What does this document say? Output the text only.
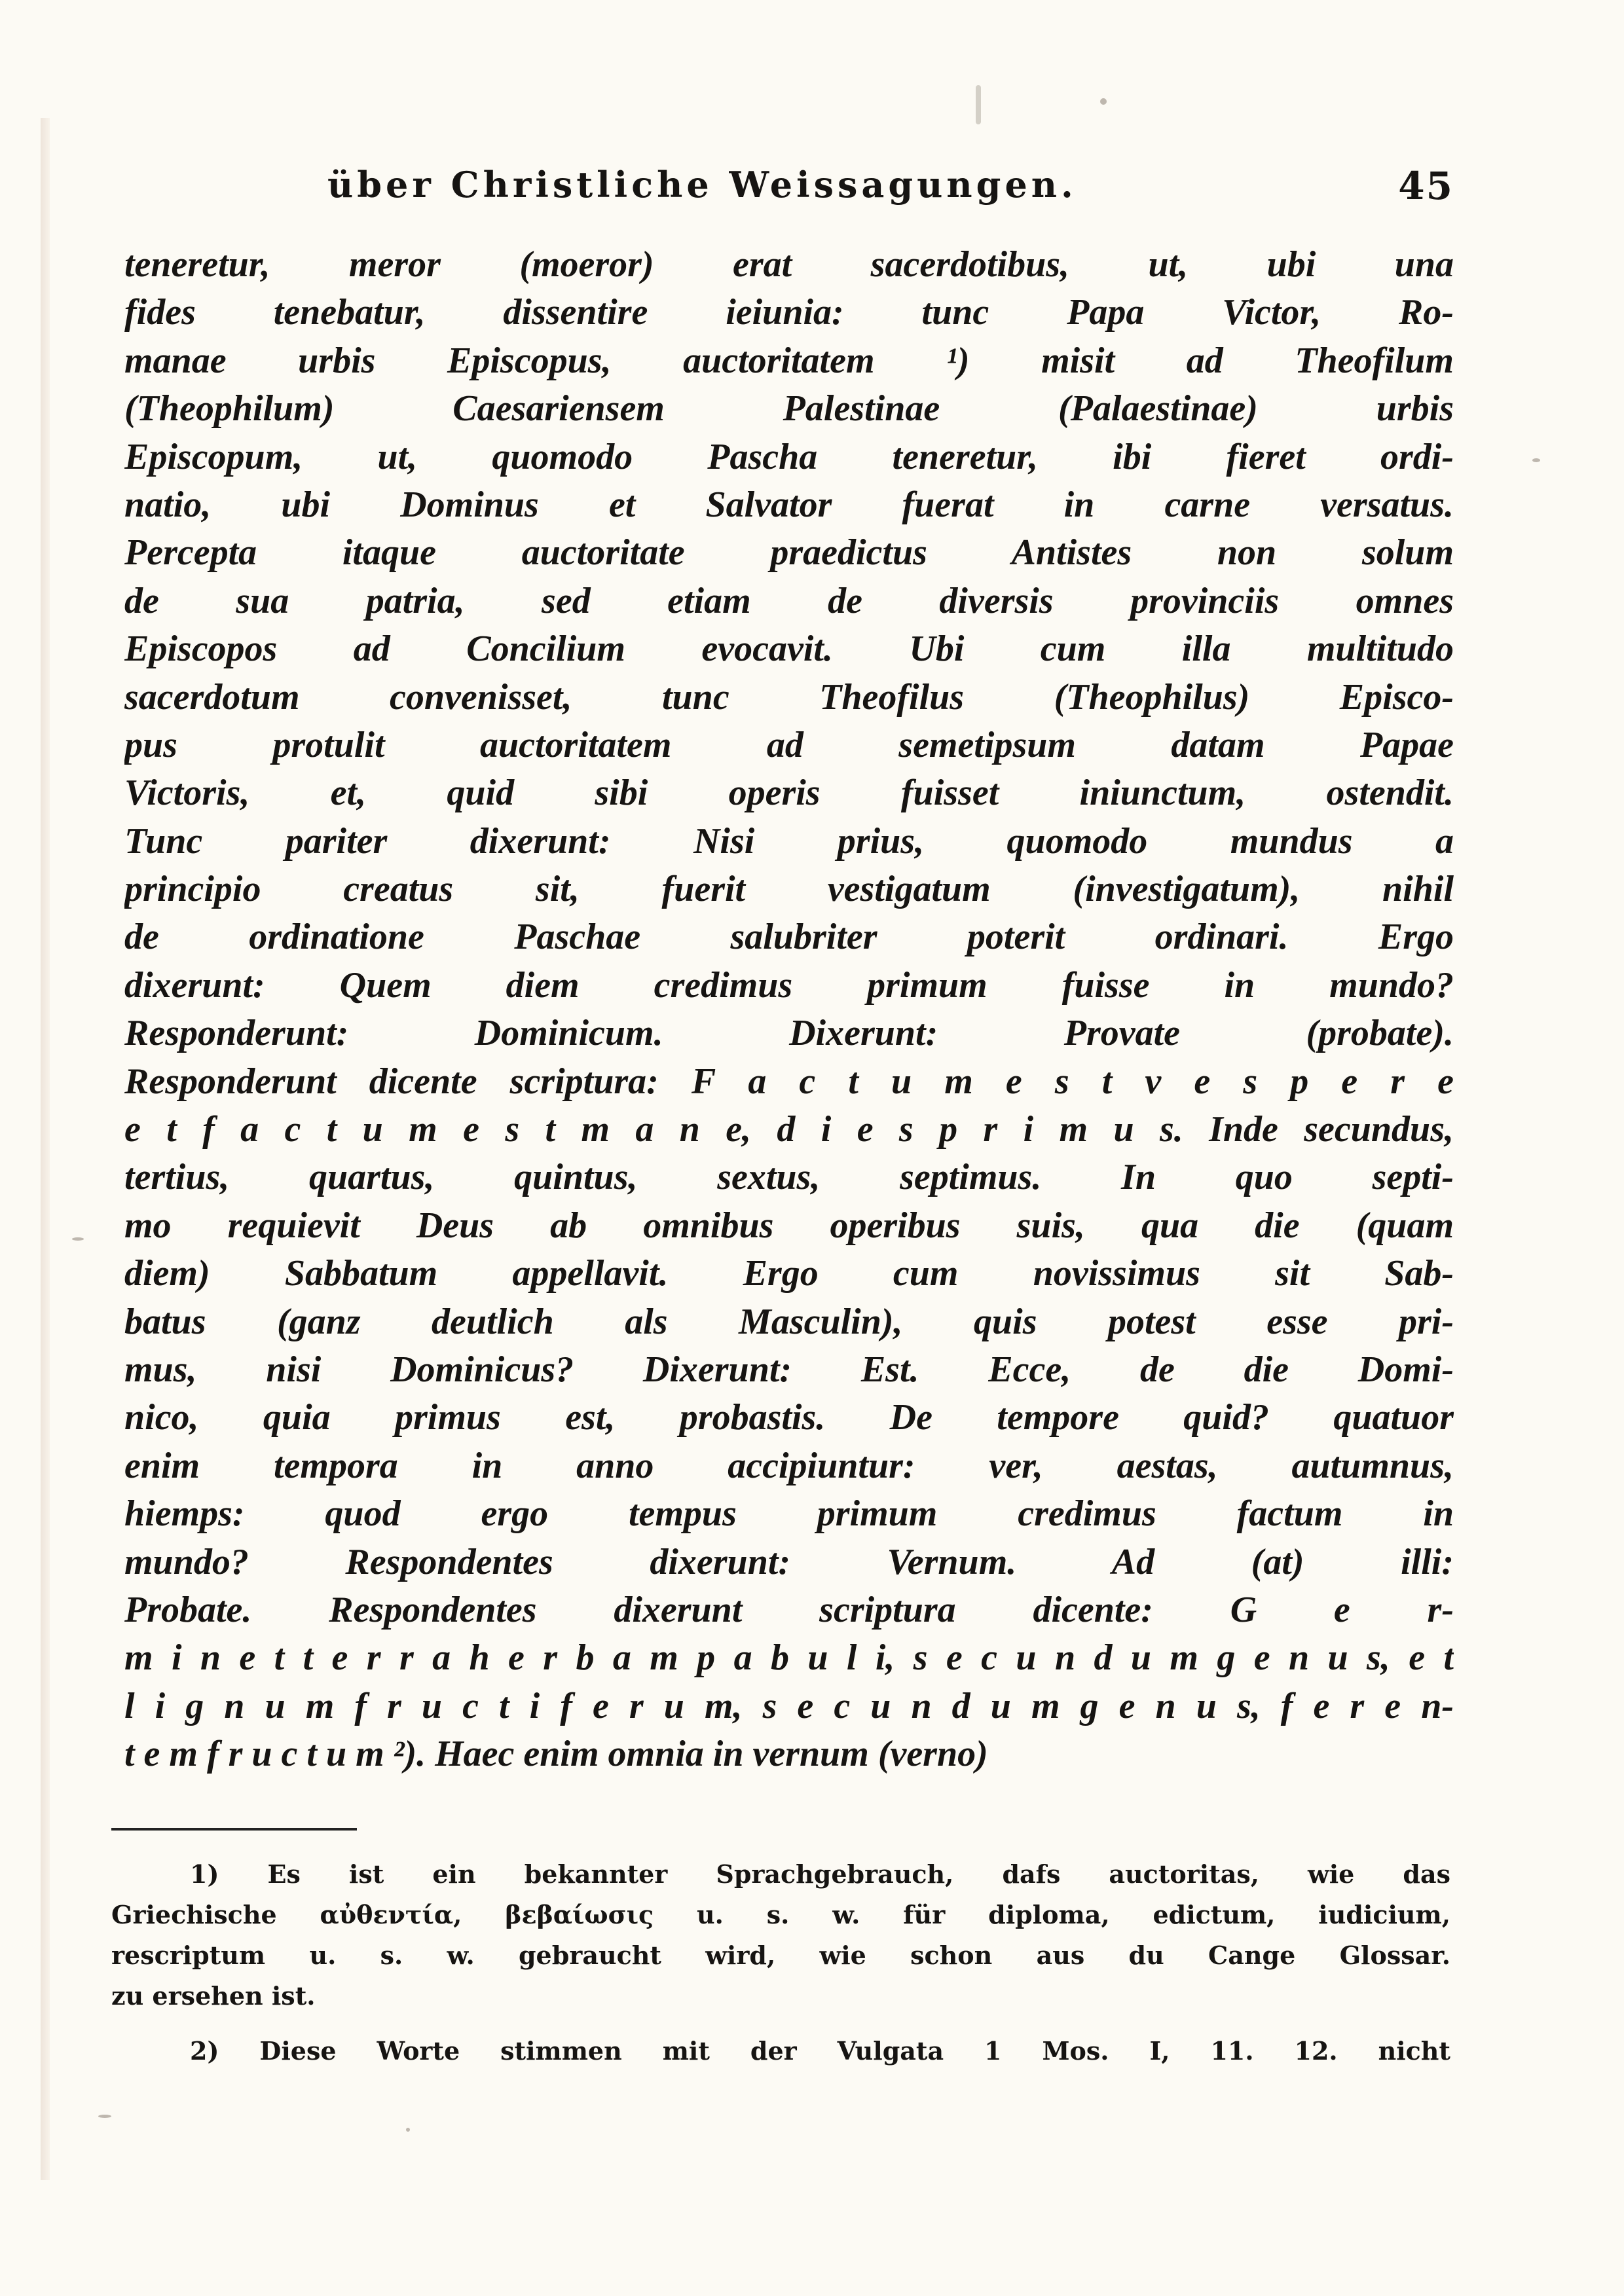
über Christliche Weissagungen.	45
teneretur, meror (moeror) erat sacerdotibus, ut, ubi una
fides tenebatur, dissentire ieiunia: tunc Papa Victor, Ro-
manae urbis Episcopus, auctoritatem ¹) misit ad Theofilum
(Theophilum) Caesariensem Palestinae (Palaestinae) urbis
Episcopum, ut, quomodo Pascha teneretur, ibi fieret ordi-
natio, ubi Dominus et Salvator fuerat in carne versatus.
Percepta itaque auctoritate praedictus Antistes non solum
de sua patria, sed etiam de diversis provinciis omnes
Episcopos ad Concilium evocavit. Ubi cum illa multitudo
sacerdotum convenisset, tunc Theofilus (Theophilus) Episco-
pus protulit auctoritatem ad semetipsum datam Papae
Victoris, et, quid sibi operis fuisset iniunctum, ostendit.
Tunc pariter dixerunt: Nisi prius, quomodo mundus a
principio creatus sit, fuerit vestigatum (investigatum), nihil
de ordinatione Paschae salubriter poterit ordinari. Ergo
dixerunt: Quem diem credimus primum fuisse in mundo?
Responderunt: Dominicum. Dixerunt: Provate (probate).
Responderunt dicente scriptura: F a c t u m e s t v e s p e r e
e t f a c t u m e s t m a n e, d i e s p r i m u s. Inde secundus,
tertius, quartus, quintus, sextus, septimus. In quo septi-
mo requievit Deus ab omnibus operibus suis, qua die (quam
diem) Sabbatum appellavit. Ergo cum novissimus sit Sab-
batus (ganz deutlich als Masculin), quis potest esse pri-
mus, nisi Dominicus? Dixerunt: Est. Ecce, de die Domi-
nico, quia primus est, probastis. De tempore quid? quatuor
enim tempora in anno accipiuntur: ver, aestas, autumnus,
hiemps: quod ergo tempus primum credimus factum in
mundo? Respondentes dixerunt: Vernum. Ad (at) illi:
Probate. Respondentes dixerunt scriptura dicente: G e r-
m i n e t t e r r a h e r b a m p a b u l i, s e c u n d u m g e n u s, e t
l i g n u m f r u c t i f e r u m, s e c u n d u m g e n u s, f e r e n-
t e m f r u c t u m ²). Haec enim omnia in vernum (verno)
1) Es ist ein bekannter Sprachgebrauch, dafs auctoritas, wie das
Griechische αὐθεντία, βεβαίωσις u. s. w. für diploma, edictum, iudicium,
rescriptum u. s. w. gebraucht wird, wie schon aus du Cange Glossar.
zu ersehen ist.
2) Diese Worte stimmen mit der Vulgata 1 Mos. I, 11. 12. nicht
